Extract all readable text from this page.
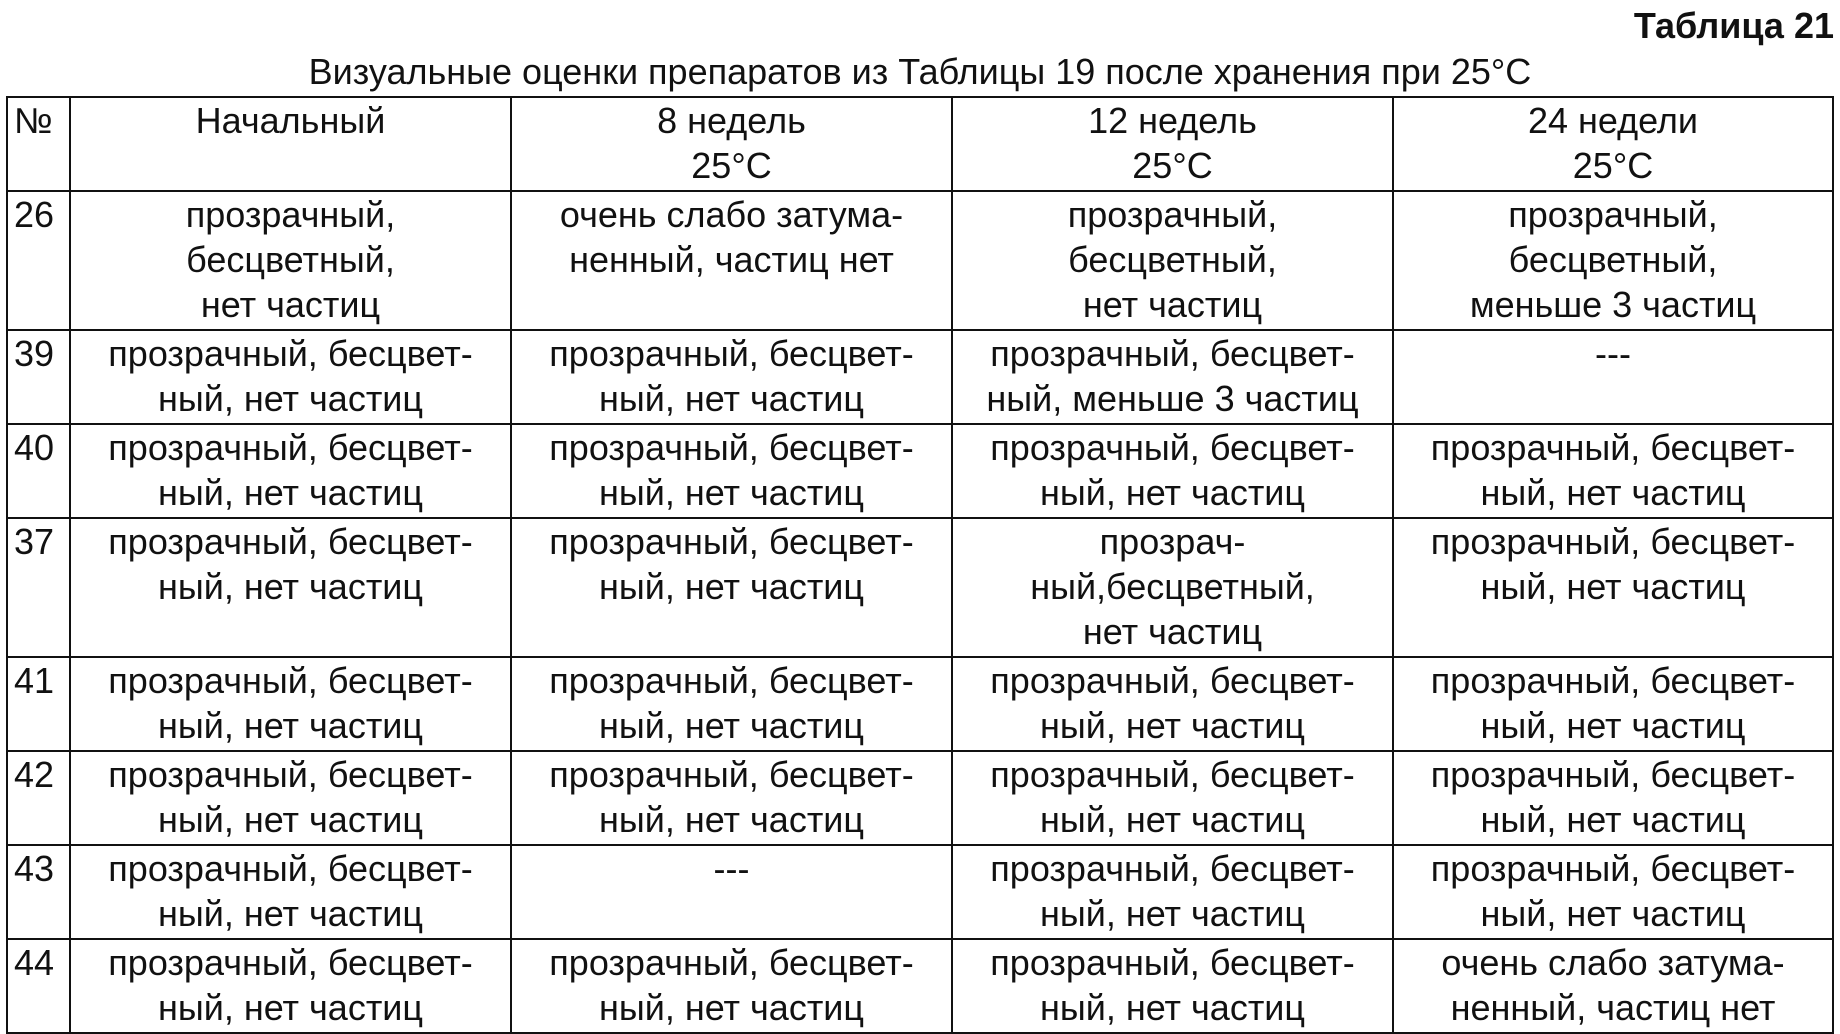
Таблица 21
Визуальные оценки препаратов из Таблицы 19 после хранения при 25°C
№	Начальный	8 недель
25°C	12 недель
25°C	24 недели
25°C
26	прозрачный,
бесцветный,
нет частиц	очень слабо затума-
ненный, частиц нет	прозрачный,
бесцветный,
нет частиц	прозрачный,
бесцветный,
меньше 3 частиц
39	прозрачный, бесцвет-
ный, нет частиц	прозрачный, бесцвет-
ный, нет частиц	прозрачный, бесцвет-
ный, меньше 3 частиц	---
40	прозрачный, бесцвет-
ный, нет частиц	прозрачный, бесцвет-
ный, нет частиц	прозрачный, бесцвет-
ный, нет частиц	прозрачный, бесцвет-
ный, нет частиц
37	прозрачный, бесцвет-
ный, нет частиц	прозрачный, бесцвет-
ный, нет частиц	прозрач-
ный,бесцветный,
нет частиц	прозрачный, бесцвет-
ный, нет частиц
41	прозрачный, бесцвет-
ный, нет частиц	прозрачный, бесцвет-
ный, нет частиц	прозрачный, бесцвет-
ный, нет частиц	прозрачный, бесцвет-
ный, нет частиц
42	прозрачный, бесцвет-
ный, нет частиц	прозрачный, бесцвет-
ный, нет частиц	прозрачный, бесцвет-
ный, нет частиц	прозрачный, бесцвет-
ный, нет частиц
43	прозрачный, бесцвет-
ный, нет частиц	---	прозрачный, бесцвет-
ный, нет частиц	прозрачный, бесцвет-
ный, нет частиц
44	прозрачный, бесцвет-
ный, нет частиц	прозрачный, бесцвет-
ный, нет частиц	прозрачный, бесцвет-
ный, нет частиц	очень слабо затума-
ненный, частиц нет
